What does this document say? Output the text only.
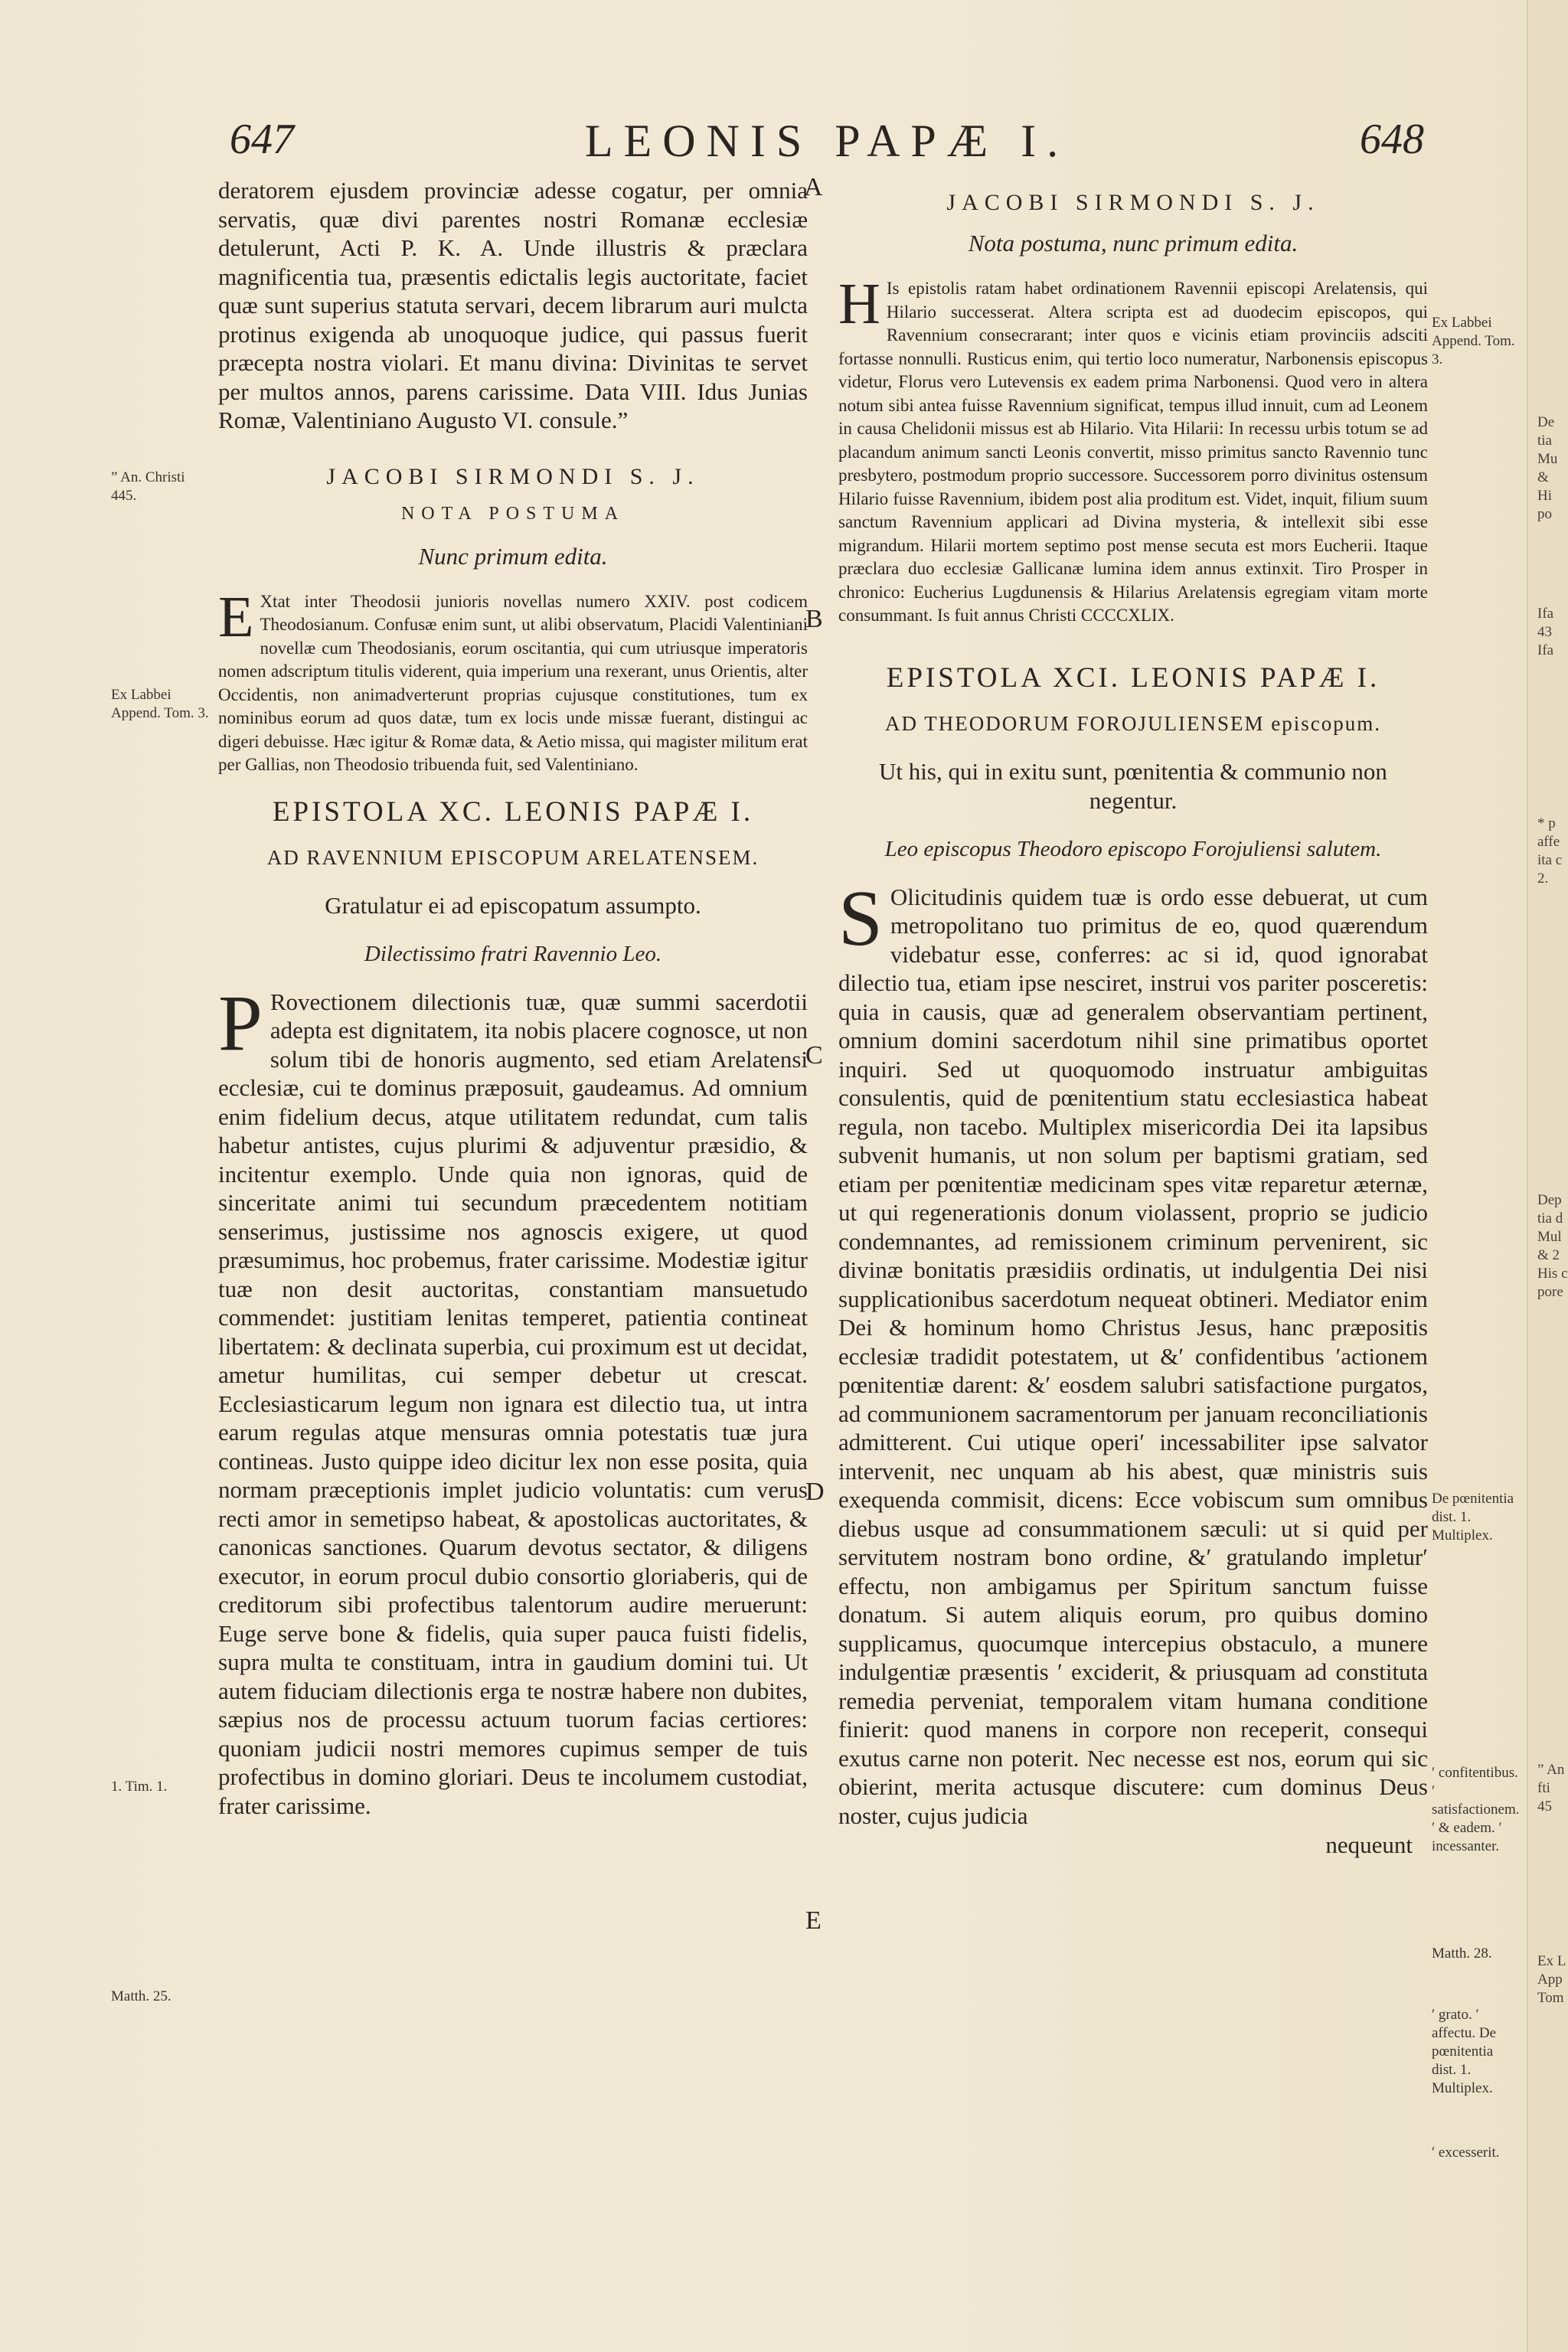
647	LEONIS PAPÆ I.	648

deratorem ejusdem provinciæ adesse cogatur, per omnia servatis, quæ divi parentes nostri Romanæ ecclesiæ detulerunt, Acti P. K. A. Unde illustris & præclara magnificentia tua, præsentis edictalis legis auctoritate, faciet quæ sunt superius statuta servari, decem librarum auri mulcta protinus exigenda ab unoquoque judice, qui passus fuerit præcepta nostra violari. Et manu divina: Divinitas te servet per multos annos, parens carissime. Data VIII. Idus Junias Romæ, Valentiniano Augusto VI. consule.”

JACOBI SIRMONDI S. J.
NOTA POSTUMA
Nunc primum edita.
E Xtat inter Theodosii junioris novellas numero XXIV. post codicem Theodosianum. Confusæ enim sunt, ut alibi observatum, Placidi Valentiniani novellæ cum Theodosianis, eorum oscitantia, qui cum utriusque imperatoris nomen adscriptum titulis viderent, quia imperium una rexerant, unus Orientis, alter Occidentis, non animadverterunt proprias cujusque constitutiones, tum ex nominibus eorum ad quos datæ, tum ex locis unde missæ fuerant, distingui ac digeri debuisse. Hæc igitur & Romæ data, & Aetio missa, qui magister militum erat per Gallias, non Theodosio tribuenda fuit, sed Valentiniano.
EPISTOLA XC. LEONIS PAPÆ I.
AD RAVENNIUM EPISCOPUM ARELATENSEM.
Gratulatur ei ad episcopatum assumpto.
Dilectissimo fratri Ravennio Leo.
P Rovectionem dilectionis tuæ, quæ summi sacerdotii adepta est dignitatem, ita nobis placere cognosce, ut non solum tibi de honoris augmento, sed etiam Arelatensi ecclesiæ, cui te dominus præposuit, gaudeamus. Ad omnium enim fidelium decus, atque utilitatem redundat, cum talis habetur antistes, cujus plurimi & adjuventur præsidio, & incitentur exemplo. Unde quia non ignoras, quid de sinceritate animi tui secundum præcedentem notitiam senserimus, justissime nos agnoscis exigere, ut quod præsumimus, hoc probemus, frater carissime. Modestiæ igitur tuæ non desit auctoritas, constantiam mansuetudo commendet: justitiam lenitas temperet, patientia contineat libertatem: & declinata superbia, cui proximum est ut decidat, ametur humilitas, cui semper debetur ut crescat. Ecclesiasticarum legum non ignara est dilectio tua, ut intra earum regulas atque mensuras omnia potestatis tuæ jura contineas. Justo quippe ideo dicitur lex non esse posita, quia normam præceptionis implet judicio voluntatis: cum verus recti amor in semetipso habeat, & apostolicas auctoritates, & canonicas sanctiones. Quarum devotus sectator, & diligens executor, in eorum procul dubio consortio gloriaberis, qui de creditorum sibi profectibus talentorum audire meruerunt: Euge serve bone & fidelis, quia super pauca fuisti fidelis, supra multa te constituam, intra in gaudium domini tui. Ut autem fiduciam dilectionis erga te nostræ habere non dubites, sæpius nos de processu actuum tuorum facias certiores: quoniam judicii nostri memores cupimus semper de tuis profectibus in domino gloriari. Deus te incolumem custodiat, frater carissime.
JACOBI SIRMONDI S. J.
Nota postuma, nunc primum edita.
H Is epistolis ratam habet ordinationem Ravennii episcopi Arelatensis, qui Hilario successerat. Altera scripta est ad duodecim episcopos, qui Ravennium consecrarant; inter quos e vicinis etiam provinciis adsciti fortasse nonnulli. Rusticus enim, qui tertio loco numeratur, Narbonensis episcopus videtur, Florus vero Lutevensis ex eadem prima Narbonensi. Quod vero in altera notum sibi antea fuisse Ravennium significat, tempus illud innuit, cum ad Leonem in causa Chelidonii missus est ab Hilario. Vita Hilarii: In recessu urbis totum se ad placandum animum sancti Leonis convertit, misso primitus sancto Ravennio tunc presbytero, postmodum proprio successore. Successorem porro divinitus ostensum Hilario fuisse Ravennium, ibidem post alia proditum est. Videt, inquit, filium suum sanctum Ravennium applicari ad Divina mysteria, & intellexit sibi esse migrandum. Hilarii mortem septimo post mense secuta est mors Eucherii. Itaque præclara duo ecclesiæ Gallicanæ lumina idem annus extinxit. Tiro Prosper in chronico: Eucherius Lugdunensis & Hilarius Arelatensis egregiam vitam morte consummant. Is fuit annus Christi CCCCXLIX.
EPISTOLA XCI. LEONIS PAPÆ I.
AD THEODORUM FOROJULIENSEM episcopum.
Ut his, qui in exitu sunt, pœnitentia & communio non negentur.
Leo episcopus Theodoro episcopo Forojuliensi salutem.
S Olicitudinis quidem tuæ is ordo esse debuerat, ut cum metropolitano tuo primitus de eo, quod quærendum videbatur esse, conferres: ac si id, quod ignorabat dilectio tua, etiam ipse nesciret, instrui vos pariter posceretis: quia in causis, quæ ad generalem observantiam pertinent, omnium domini sacerdotum nihil sine primatibus oportet inquiri. Sed ut quoquomodo instruatur ambiguitas consulentis, quid de pœnitentium statu ecclesiastica habeat regula, non tacebo. Multiplex misericordia Dei ita lapsibus subvenit humanis, ut non solum per baptismi gratiam, sed etiam per pœnitentiæ medicinam spes vitæ reparetur æternæ, ut qui regenerationis donum violassent, proprio se judicio condemnantes, ad remissionem criminum pervenirent, sic divinæ bonitatis præsidiis ordinatis, ut indulgentia Dei nisi supplicationibus sacerdotum nequeat obtineri. Mediator enim Dei & hominum homo Christus Jesus, hanc præpositis ecclesiæ tradidit potestatem, ut &ʹ confidentibus ʹactionem pœnitentiæ darent: &ʹ eosdem salubri satisfactione purgatos, ad communionem sacramentorum per januam reconciliationis admitterent. Cui utique operiʹ incessabiliter ipse salvator intervenit, nec unquam ab his abest, quæ ministris suis exequenda commisit, dicens: Ecce vobiscum sum omnibus diebus usque ad consummationem sæculi: ut si quid per servitutem nostram bono ordine, &ʹ gratulando impleturʹ effectu, non ambigamus per Spiritum sanctum fuisse donatum. Si autem aliquis eorum, pro quibus domino supplicamus, quocumque intercepius obstaculo, a munere indulgentiæ præsentis ʹ exciderit, & priusquam ad constituta remedia perveniat, temporalem vitam humana conditione finierit: quod manens in corpore non receperit, consequi exutus carne non poterit. Nec necesse est nos, eorum qui sic obierint, merita actusque discutere: cum dominus Deus noster, cujus judicia
nequeunt
A
B
C
D
E
” An. Christi 445.
Ex Labbei Append. Tom. 3.
1. Tim. 1.
Matth. 25.
Ex Labbei Append. Tom. 3.
De pœnitentia dist. 1. Multiplex.
ʹ confitentibus. ʹ satisfactionem. ʹ & eadem. ʹ incessanter.
Matth. 28.
ʹ grato. ʹ affectu. De pœnitentia dist. 1. Multiplex.
ʹ excesserit.
De
tia
Mu
&
Hi
po
Ifa
43
Ifa
* p
affe
ita c
2.
Dep
tia d
Mul
& 2
His c
pore
” An
fti 45
Ex L
App
Tom
